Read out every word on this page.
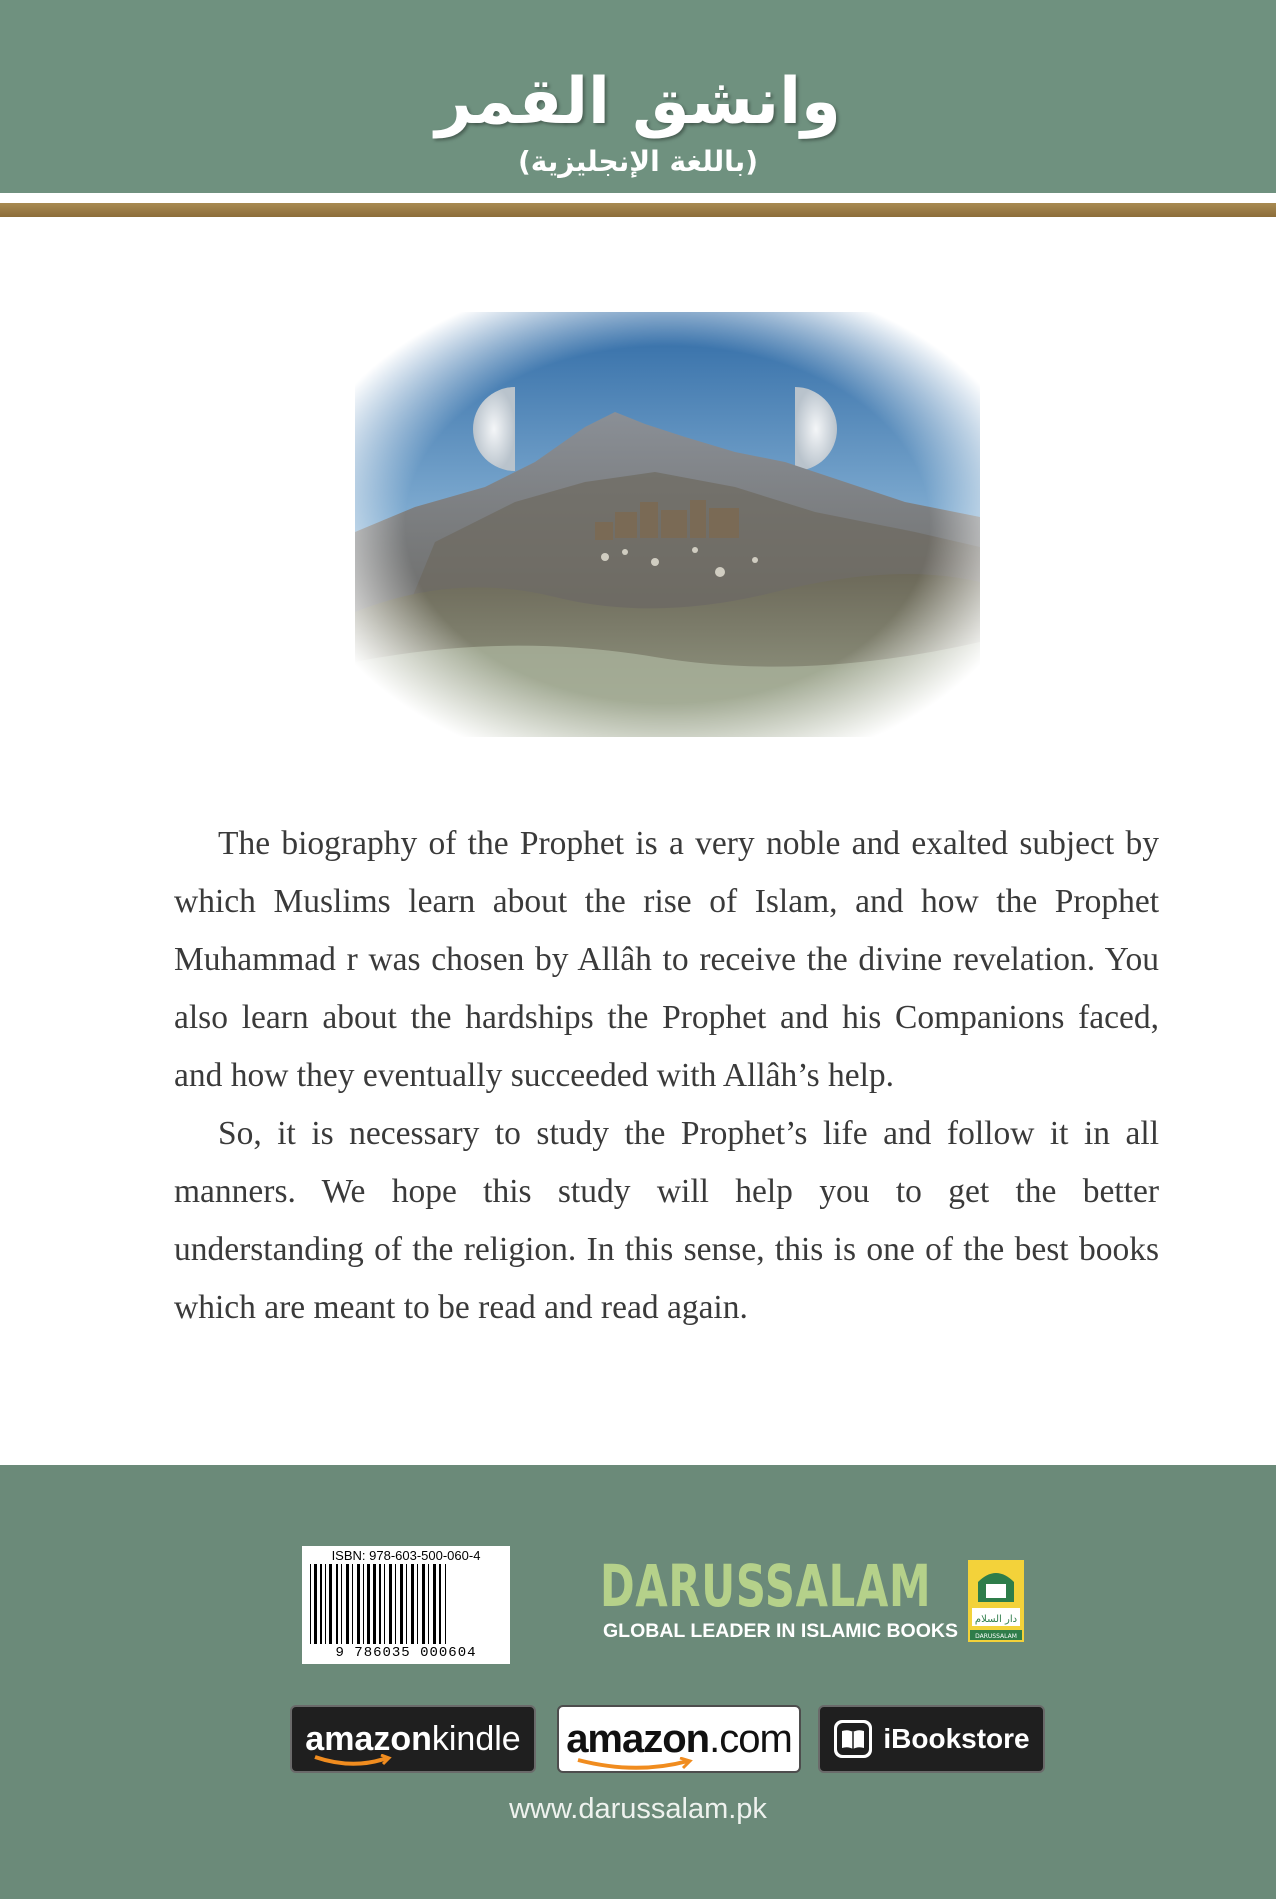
وانشق القمر
(باللغة الإنجليزية)

The biography of the Prophet is a very noble and exalted subject by which Muslims learn about the rise of Islam, and how the Prophet Muhammad r was chosen by Allâh to receive the divine revelation. You also learn about the hardships the Prophet and his Companions faced, and how they eventually succeeded with Allâh’s help.

So, it is necessary to study the Prophet’s life and follow it in all manners. We hope this study will help you to get the better understanding of the religion. In this sense, this is one of the best books which are meant to be read and read again.

ISBN: 978-603-500-060-4
9 786035 000604
DARUSSALAM
GLOBAL LEADER IN ISLAMIC BOOKS
دار السلام
DARUSSALAM
amazonkindle amazon.com	iBookstore
www.darussalam.pk
